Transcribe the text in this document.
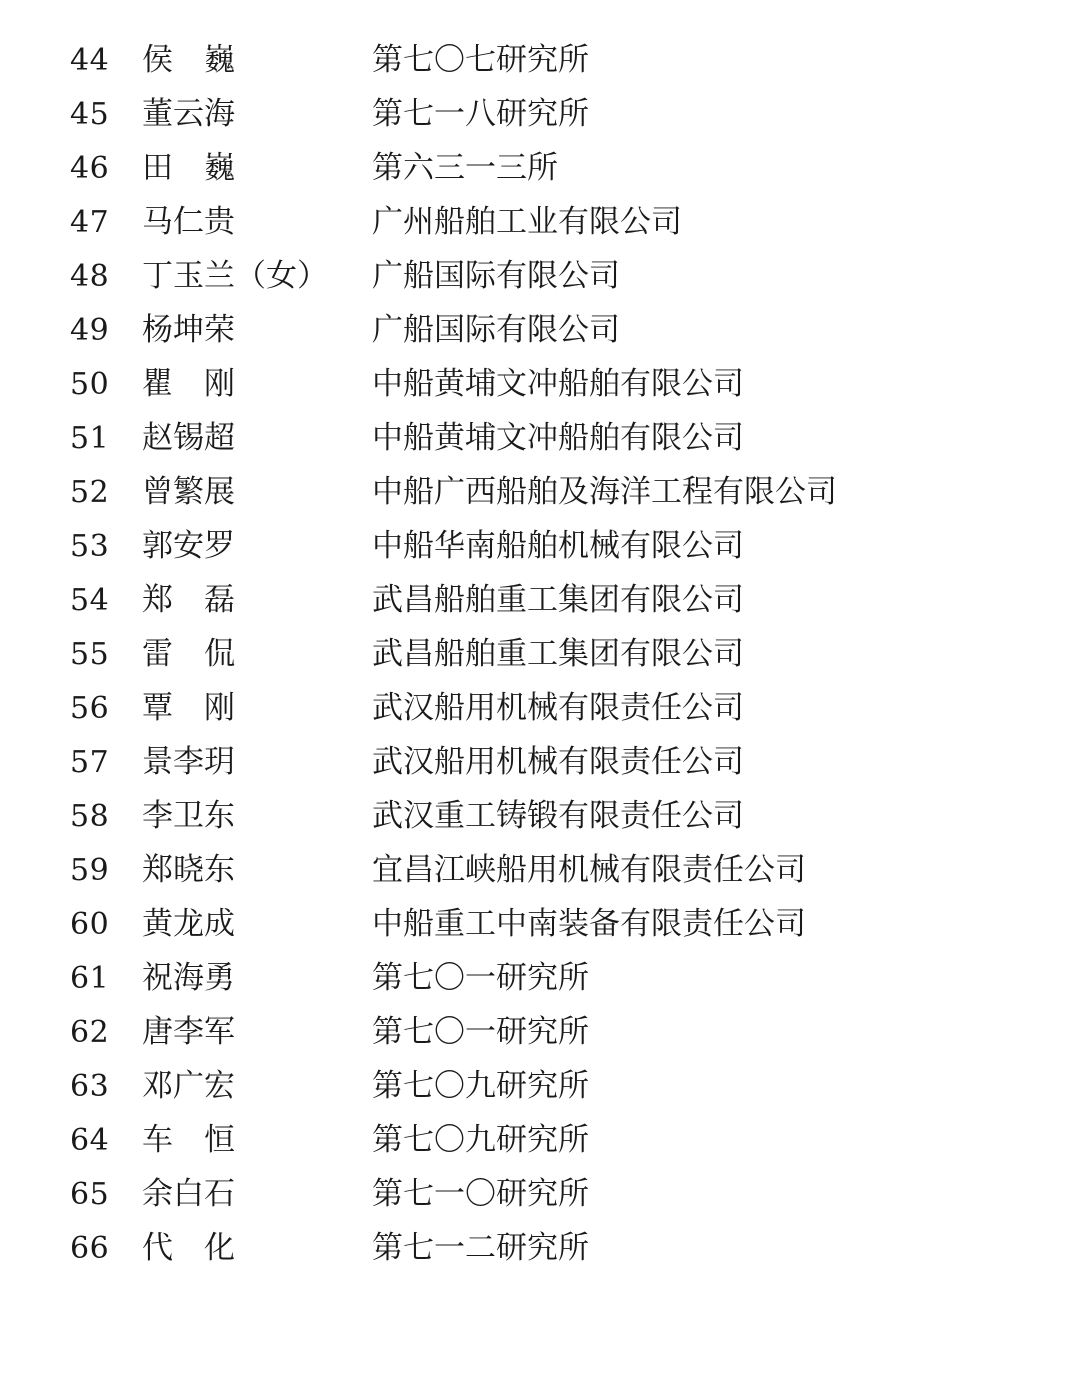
44	侯　巍	第七〇七研究所
45	董云海	第七一八研究所
46	田　巍	第六三一三所
47	马仁贵	广州船舶工业有限公司
48	丁玉兰（女）	广船国际有限公司
49	杨坤荣	广船国际有限公司
50	瞿　刚	中船黄埔文冲船舶有限公司
51	赵锡超	中船黄埔文冲船舶有限公司
52	曾繁展	中船广西船舶及海洋工程有限公司
53	郭安罗	中船华南船舶机械有限公司
54	郑　磊	武昌船舶重工集团有限公司
55	雷　侃	武昌船舶重工集团有限公司
56	覃　刚	武汉船用机械有限责任公司
57	景李玥	武汉船用机械有限责任公司
58	李卫东	武汉重工铸锻有限责任公司
59	郑晓东	宜昌江峡船用机械有限责任公司
60	黄龙成	中船重工中南装备有限责任公司
61	祝海勇	第七〇一研究所
62	唐李军	第七〇一研究所
63	邓广宏	第七〇九研究所
64	车　恒	第七〇九研究所
65	余白石	第七一〇研究所
66	代　化	第七一二研究所
